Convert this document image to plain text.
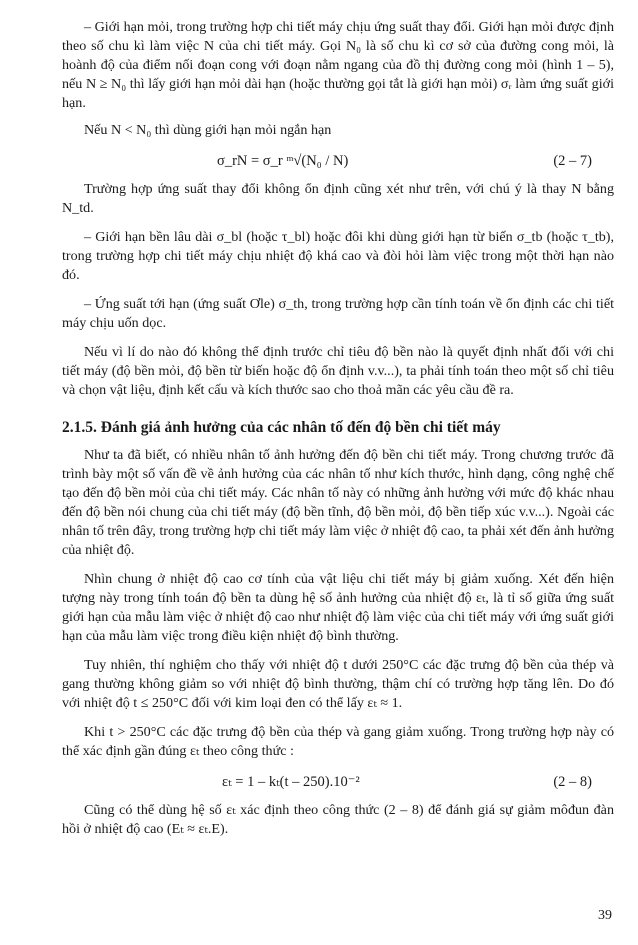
– Giới hạn mỏi, trong trường hợp chi tiết máy chịu ứng suất thay đổi. Giới hạn mỏi được định theo số chu kì làm việc N của chi tiết máy. Gọi N₀ là số chu kì cơ sở của đường cong mỏi, là hoành độ của điểm nối đoạn cong với đoạn nằm ngang của đồ thị đường cong mỏi (hình 1 – 5), nếu N ≥ N₀ thì lấy giới hạn mỏi dài hạn (hoặc thường gọi tắt là giới hạn mỏi) σᵣ làm ứng suất giới hạn.

Nếu N < N₀ thì dùng giới hạn mỏi ngắn hạn

σ_rN = σ_r ᵐ√(N₀ / N)	(2 – 7)

Trường hợp ứng suất thay đổi không ổn định cũng xét như trên, với chú ý là thay N bằng N_td.

– Giới hạn bền lâu dài σ_bl (hoặc τ_bl) hoặc đôi khi dùng giới hạn từ biến σ_tb (hoặc τ_tb), trong trường hợp chi tiết máy chịu nhiệt độ khá cao và đòi hỏi làm việc trong một thời hạn nào đó.

– Ứng suất tới hạn (ứng suất Ơle) σ_th, trong trường hợp cần tính toán về ổn định các chi tiết máy chịu uốn dọc.

Nếu vì lí do nào đó không thể định trước chỉ tiêu độ bền nào là quyết định nhất đối với chi tiết máy (độ bền mỏi, độ bền từ biến hoặc độ ổn định v.v...), ta phải tính toán theo một số chỉ tiêu và chọn vật liệu, định kết cấu và kích thước sao cho thoả mãn các yêu cầu đề ra.

2.1.5. Đánh giá ảnh hưởng của các nhân tố đến độ bền chi tiết máy

Như ta đã biết, có nhiều nhân tố ảnh hưởng đến độ bền chi tiết máy. Trong chương trước đã trình bày một số vấn đề về ảnh hưởng của các nhân tố như kích thước, hình dạng, công nghệ chế tạo đến độ bền mỏi của chi tiết máy. Các nhân tố này có những ảnh hưởng với mức độ khác nhau đến độ bền nói chung của chi tiết máy (độ bền tĩnh, độ bền mỏi, độ bền tiếp xúc v.v...). Ngoài các nhân tố trên đây, trong trường hợp chi tiết máy làm việc ở nhiệt độ cao, ta phải xét đến ảnh hưởng của nhiệt độ.

Nhìn chung ở nhiệt độ cao cơ tính của vật liệu chi tiết máy bị giảm xuống. Xét đến hiện tượng này trong tính toán độ bền ta dùng hệ số ảnh hưởng của nhiệt độ εₜ, là tỉ số giữa ứng suất giới hạn của mẫu làm việc ở nhiệt độ cao như nhiệt độ làm việc của chi tiết máy với ứng suất giới hạn của mẫu làm việc trong điều kiện nhiệt độ bình thường.

Tuy nhiên, thí nghiệm cho thấy với nhiệt độ t dưới 250°C các đặc trưng độ bền của thép và gang thường không giảm so với nhiệt độ bình thường, thậm chí có trường hợp tăng lên. Do đó với nhiệt độ t ≤ 250°C đối với kim loại đen có thể lấy εₜ ≈ 1.

Khi t > 250°C các đặc trưng độ bền của thép và gang giảm xuống. Trong trường hợp này có thể xác định gần đúng εₜ theo công thức :

εₜ = 1 – kₜ(t – 250).10⁻²	(2 – 8)

Cũng có thể dùng hệ số εₜ xác định theo công thức (2 – 8) để đánh giá sự giảm môđun đàn hồi ở nhiệt độ cao (Eₜ ≈ εₜ.E).

39
